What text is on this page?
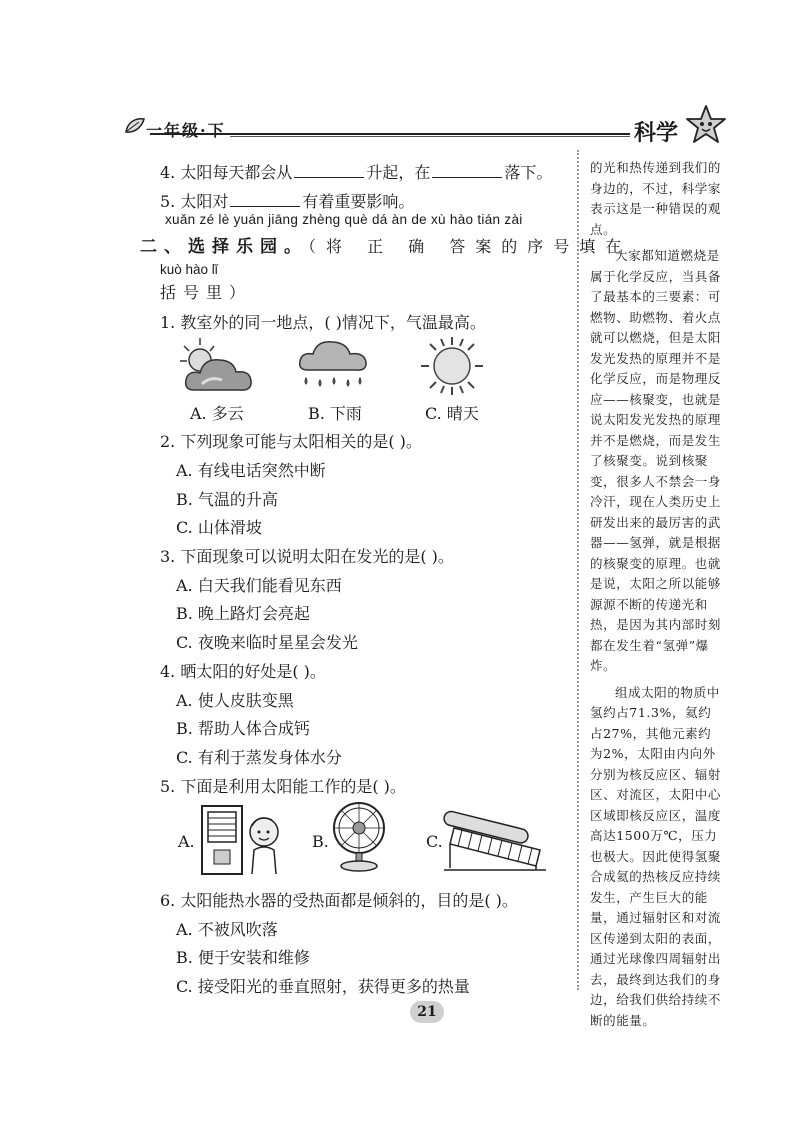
一年级·下	科学
4. 太阳每天都会从	升起，在	落下。
5. 太阳对	有着重要影响。
xuǎn zé lè yuán jiāng zhèng què dá àn de xù hào tián zài
二、选择乐园。（将 正 确 答案的序号填在
kuò hào lǐ
括号里）
1. 教室外的同一地点，( )情况下，气温最高。
A. 多云	B. 下雨	C. 晴天
2. 下列现象可能与太阳相关的是( )。
A. 有线电话突然中断
B. 气温的升高
C. 山体滑坡
3. 下面现象可以说明太阳在发光的是( )。
A. 白天我们能看见东西
B. 晚上路灯会亮起
C. 夜晚来临时星星会发光
4. 晒太阳的好处是( )。
A. 使人皮肤变黑
B. 帮助人体合成钙
C. 有利于蒸发身体水分
5. 下面是利用太阳能工作的是( )。
A.	B.	C.
6. 太阳能热水器的受热面都是倾斜的，目的是( )。
A. 不被风吹落
B. 便于安装和维修
C. 接受阳光的垂直照射，获得更多的热量

的光和热传递到我们的身边的，不过，科学家表示这是一种错误的观点。

大家都知道燃烧是属于化学反应，当具备了最基本的三要素：可燃物、助燃物、着火点就可以燃烧，但是太阳发光发热的原理并不是化学反应，而是物理反应——核聚变，也就是说太阳发光发热的原理并不是燃烧，而是发生了核聚变。说到核聚变，很多人不禁会一身冷汗，现在人类历史上研发出来的最厉害的武器——氢弹，就是根据的核聚变的原理。也就是说，太阳之所以能够源源不断的传递光和热，是因为其内部时刻都在发生着“氢弹”爆炸。

组成太阳的物质中氢约占71.3%，氦约占27%，其他元素约为2%，太阳由内向外分别为核反应区、辐射区、对流区，太阳中心区域即核反应区，温度高达1500万℃，压力也极大。因此使得氢聚合成氦的热核反应持续发生，产生巨大的能量，通过辐射区和对流区传递到太阳的表面，通过光球像四周辐射出去，最终到达我们的身边，给我们供给持续不断的能量。

21
